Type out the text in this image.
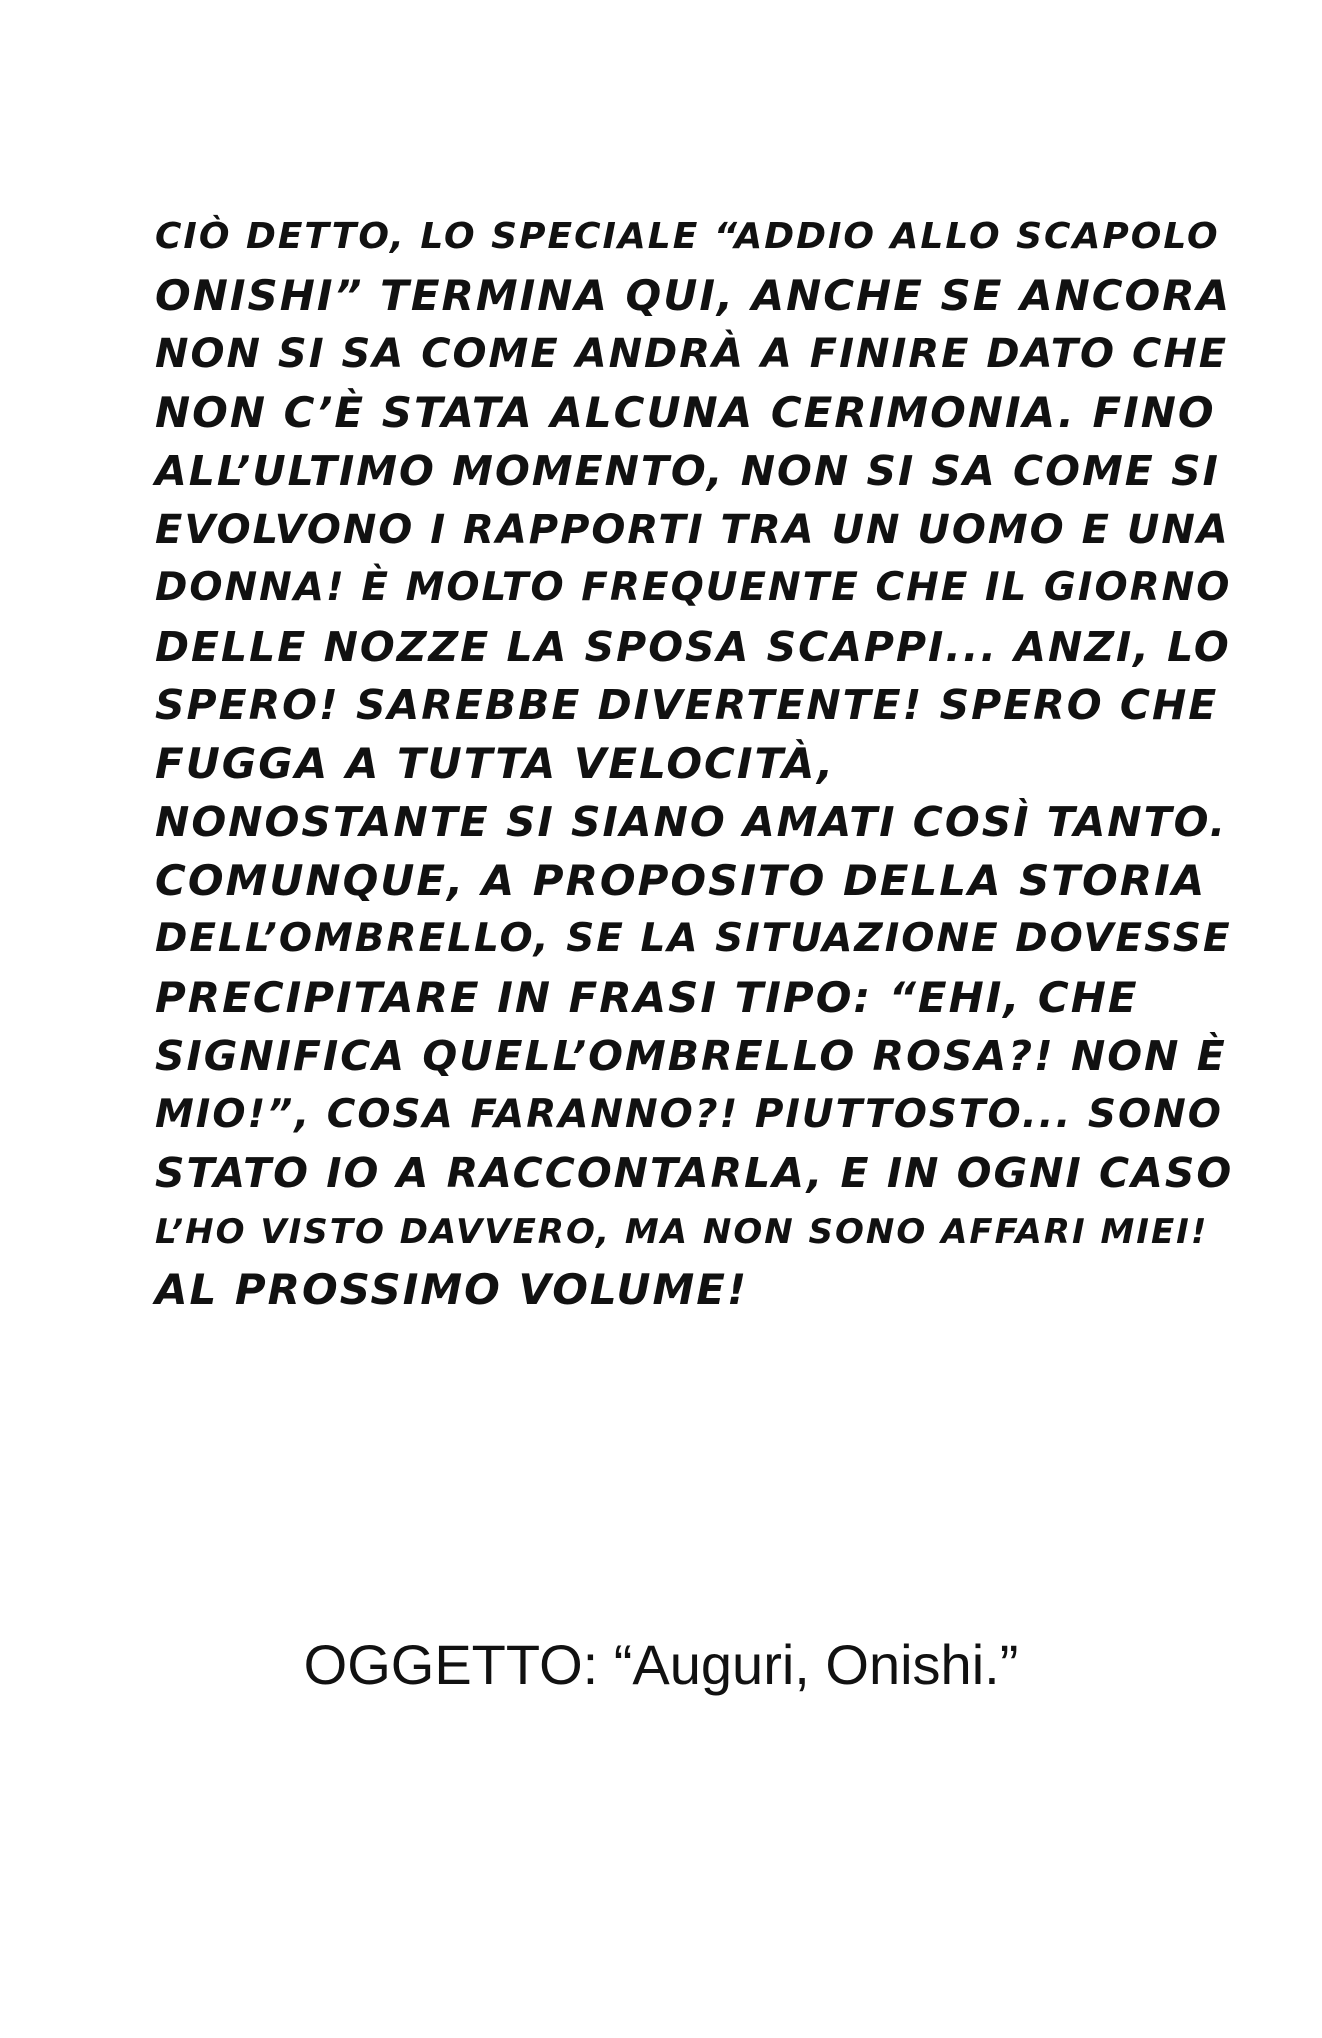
CIÒ DETTO, LO SPECIALE “ADDIO ALLO SCAPOLO
ONISHI” TERMINA QUI, ANCHE SE ANCORA
NON SI SA COME ANDRÀ A FINIRE DATO CHE
NON C’È STATA ALCUNA CERIMONIA. FINO
ALL’ULTIMO MOMENTO, NON SI SA COME SI
EVOLVONO I RAPPORTI TRA UN UOMO E UNA
DONNA! È MOLTO FREQUENTE CHE IL GIORNO
DELLE NOZZE LA SPOSA SCAPPI... ANZI, LO
SPERO! SAREBBE DIVERTENTE! SPERO CHE
FUGGA A TUTTA VELOCITÀ,
NONOSTANTE SI SIANO AMATI COSÌ TANTO.
COMUNQUE, A PROPOSITO DELLA STORIA
DELL’OMBRELLO, SE LA SITUAZIONE DOVESSE
PRECIPITARE IN FRASI TIPO: “EHI, CHE
SIGNIFICA QUELL’OMBRELLO ROSA?! NON È
MIO!”, COSA FARANNO?! PIUTTOSTO... SONO
STATO IO A RACCONTARLA, E IN OGNI CASO
L’HO VISTO DAVVERO, MA NON SONO AFFARI MIEI!
AL PROSSIMO VOLUME!
OGGETTO: “Auguri, Onishi.”
